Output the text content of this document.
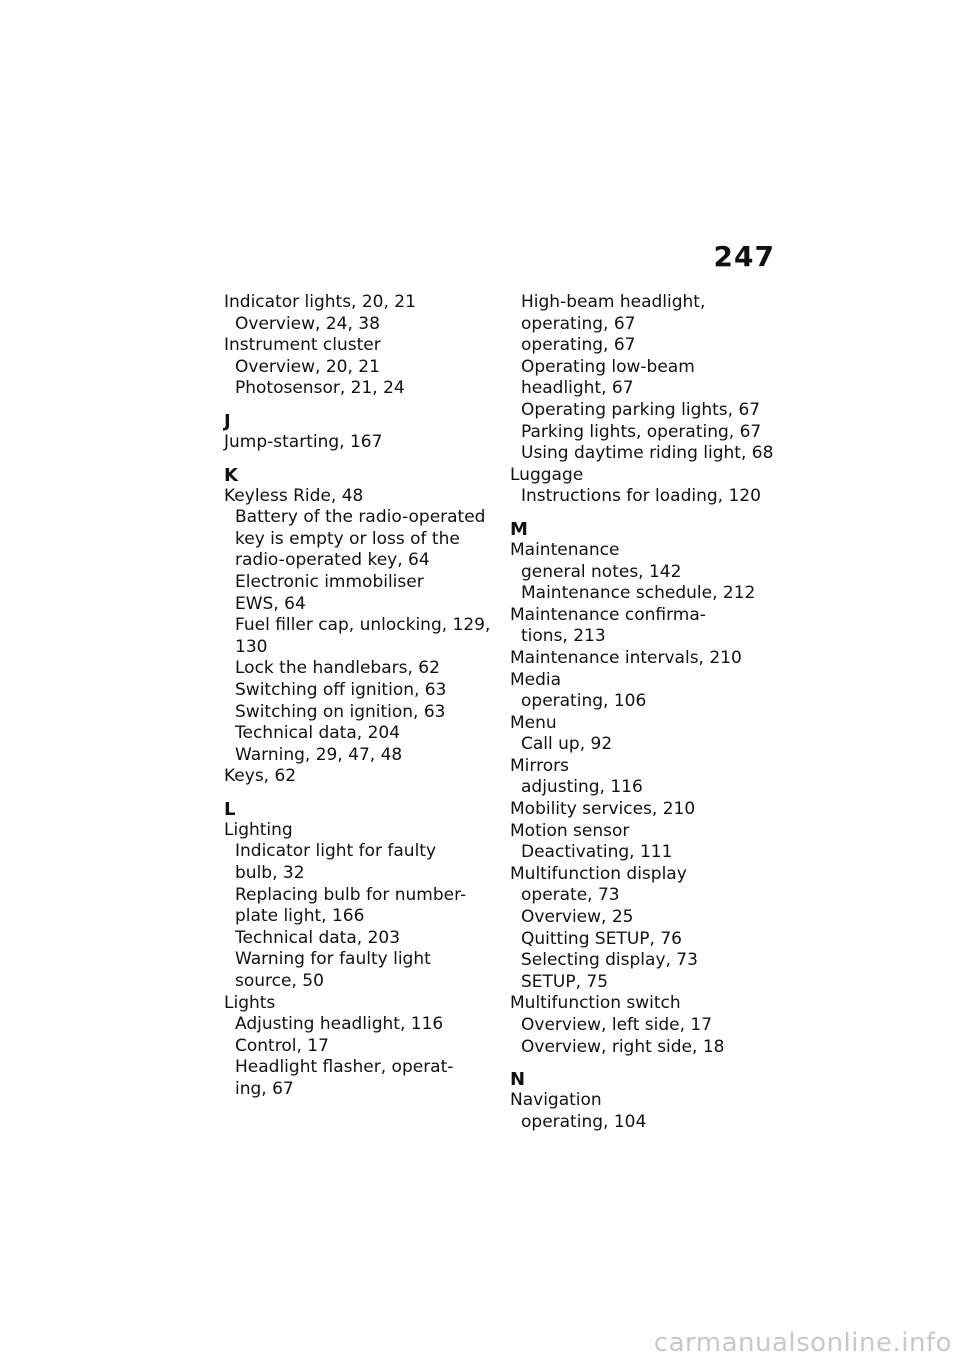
247
Indicator lights, 20, 21
Overview, 24, 38
Instrument cluster
Overview, 20, 21
Photosensor, 21, 24
J
Jump-starting, 167
K
Keyless Ride, 48
Battery of the radio-operated
key is empty or loss of the
radio-operated key, 64
Electronic immobiliser
EWS, 64
Fuel filler cap, unlocking, 129,
130
Lock the handlebars, 62
Switching off ignition, 63
Switching on ignition, 63
Technical data, 204
Warning, 29, 47, 48
Keys, 62
L
Lighting
Indicator light for faulty
bulb, 32
Replacing bulb for number-
plate light, 166
Technical data, 203
Warning for faulty light
source, 50
Lights
Adjusting headlight, 116
Control, 17
Headlight flasher, operat-
ing, 67
High-beam headlight,
operating, 67
operating, 67
Operating low-beam
headlight, 67
Operating parking lights, 67
Parking lights, operating, 67
Using daytime riding light, 68
Luggage
Instructions for loading, 120
M
Maintenance
general notes, 142
Maintenance schedule, 212
Maintenance confirma-
tions, 213
Maintenance intervals, 210
Media
operating, 106
Menu
Call up, 92
Mirrors
adjusting, 116
Mobility services, 210
Motion sensor
Deactivating, 111
Multifunction display
operate, 73
Overview, 25
Quitting SETUP, 76
Selecting display, 73
SETUP, 75
Multifunction switch
Overview, left side, 17
Overview, right side, 18
N
Navigation
operating, 104
carmanualsonline.info
